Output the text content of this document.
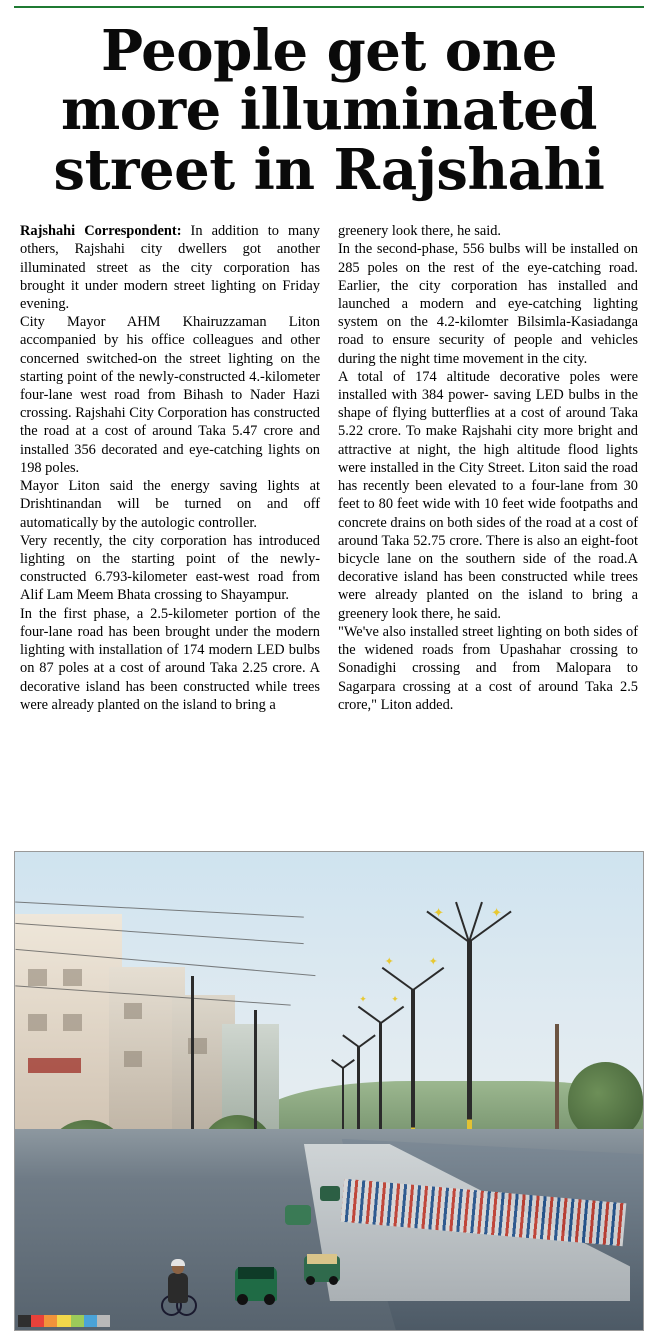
People get one more illuminated street in Rajshahi

Rajshahi Correspondent: In addition to many others, Rajshahi city dwellers got another illuminated street as the city corporation has brought it under modern street lighting on Friday evening.

City Mayor AHM Khairuzzaman Liton accompanied by his office colleagues and other concerned switched-on the street lighting on the starting point of the newly-constructed 4.-kilometer four-lane west road from Bihash to Nader Hazi crossing. Rajshahi City Corporation has constructed the road at a cost of around Taka 5.47 crore and installed 356 decorated and eye-catching lights on 198 poles.

Mayor Liton said the energy saving lights at Drishtinandan will be turned on and off automatically by the autologic controller.

Very recently, the city corporation has introduced lighting on the starting point of the newly-constructed 6.793-kilometer east-west road from Alif Lam Meem Bhata crossing to Shayampur.

In the first phase, a 2.5-kilometer portion of the four-lane road has been brought under the modern lighting with installation of 174 modern LED bulbs on 87 poles at a cost of around Taka 2.25 crore. A decorative island has been constructed while trees were already planted on the island to bring a

greenery look there, he said.

In the second-phase, 556 bulbs will be installed on 285 poles on the rest of the eye-catching road. Earlier, the city corporation has installed and launched a modern and eye-catching lighting system on the 4.2-kilomter Bilsimla-Kasiadanga road to ensure security of people and vehicles during the night time movement in the city.

A total of 174 altitude decorative poles were installed with 384 power- saving LED bulbs in the shape of flying butterflies at a cost of around Taka 5.22 crore. To make Rajshahi city more bright and attractive at night, the high altitude flood lights were installed in the City Street. Liton said the road has recently been elevated to a four-lane from 30 feet to 80 feet wide with 10 feet wide footpaths and concrete drains on both sides of the road at a cost of around Taka 52.75 crore. There is also an eight-foot bicycle lane on the southern side of the road.A decorative island has been constructed while trees were already planted on the island to bring a greenery look there, he said.

"We've also installed street lighting on both sides of the widened roads from Upashahar crossing to Sonadighi crossing and from Malopara to Sagarpara crossing at a cost of around Taka 2.5 crore," Liton added.

✦
✦
✦
✦
✦
✦
